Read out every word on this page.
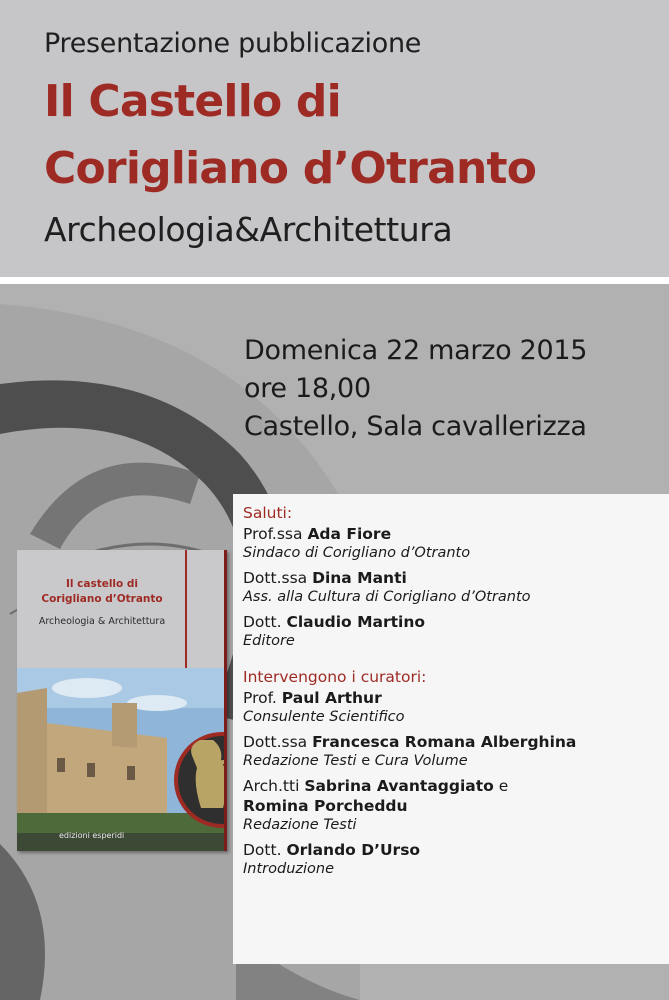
Presentazione pubblicazione
Il Castello di
Corigliano d’Otranto
Archeologia&Architettura
Domenica 22 marzo 2015
ore 18,00
Castello, Sala cavallerizza
Saluti:
Prof.ssa Ada Fiore
Sindaco di Corigliano d’Otranto
Dott.ssa Dina Manti
Ass. alla Cultura di Corigliano d’Otranto
Dott. Claudio Martino
Editore
Intervengono i curatori:
Prof. Paul Arthur
Consulente Scientifico
Dott.ssa Francesca Romana Alberghina
Redazione Testi e Cura Volume
Arch.tti Sabrina Avantaggiato e
Romina Porcheddu
Redazione Testi
Dott. Orlando D’Urso
Introduzione
Il castello di
Corigliano d’Otranto
Archeologia & Architettura
edizioni esperidi
